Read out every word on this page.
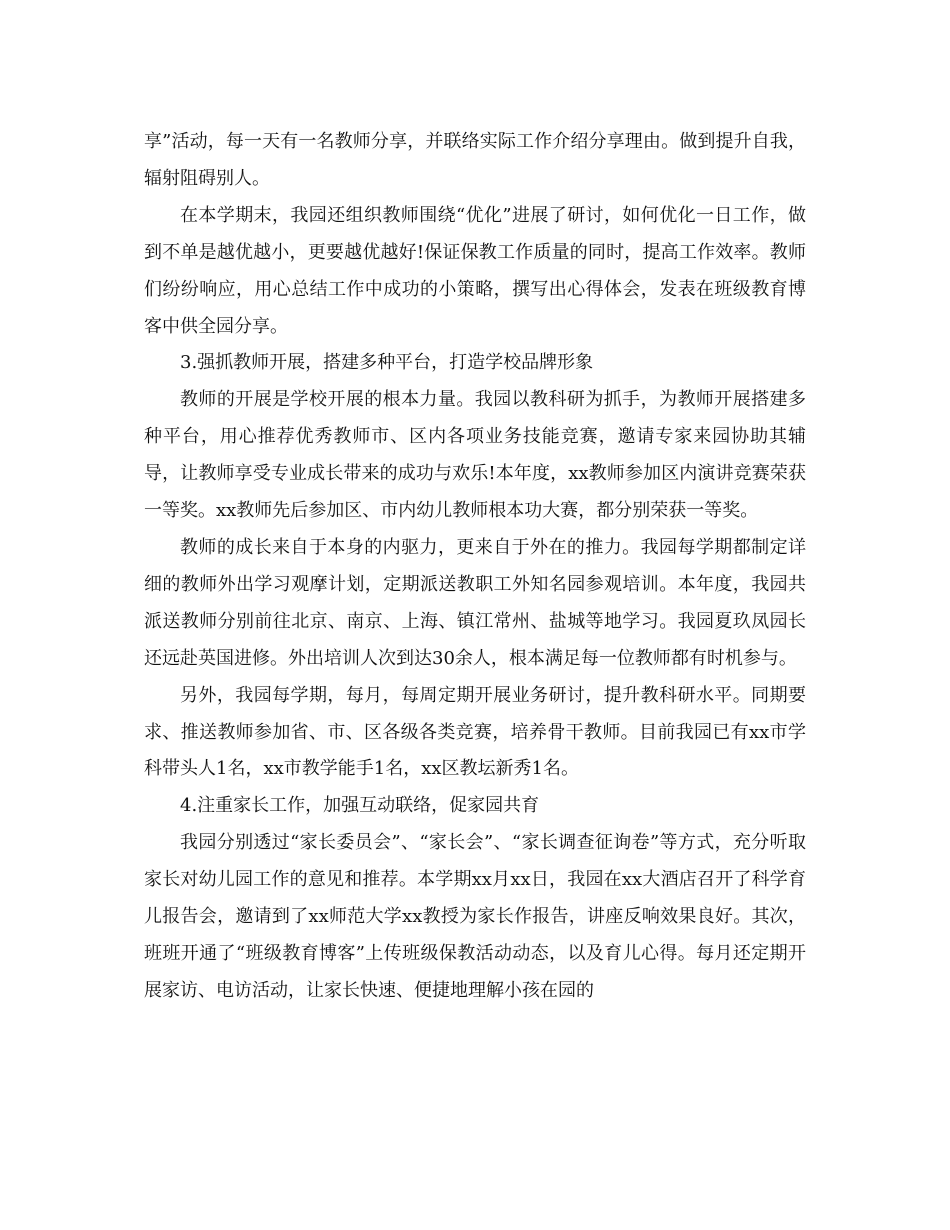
享”活动，每一天有一名教师分享，并联络实际工作介绍分享理由。做到提升自我，辐射阻碍别人。

在本学期末，我园还组织教师围绕“优化”进展了研讨，如何优化一日工作，做到不单是越优越小，更要越优越好!保证保教工作质量的同时，提高工作效率。教师们纷纷响应，用心总结工作中成功的小策略，撰写出心得体会，发表在班级教育博客中供全园分享。

3.强抓教师开展，搭建多种平台，打造学校品牌形象

教师的开展是学校开展的根本力量。我园以教科研为抓手，为教师开展搭建多种平台，用心推荐优秀教师市、区内各项业务技能竞赛，邀请专家来园协助其辅导，让教师享受专业成长带来的成功与欢乐!本年度，xx教师参加区内演讲竞赛荣获一等奖。xx教师先后参加区、市内幼儿教师根本功大赛，都分别荣获一等奖。

教师的成长来自于本身的内驱力，更来自于外在的推力。我园每学期都制定详细的教师外出学习观摩计划，定期派送教职工外知名园参观培训。本年度，我园共派送教师分别前往北京、南京、上海、镇江常州、盐城等地学习。我园夏玖凤园长还远赴英国进修。外出培训人次到达30余人，根本满足每一位教师都有时机参与。

另外，我园每学期，每月，每周定期开展业务研讨，提升教科研水平。同期要求、推送教师参加省、市、区各级各类竞赛，培养骨干教师。目前我园已有xx市学科带头人1名，xx市教学能手1名，xx区教坛新秀1名。

4.注重家长工作，加强互动联络，促家园共育

我园分别透过“家长委员会”、“家长会”、“家长调查征询卷”等方式，充分听取家长对幼儿园工作的意见和推荐。本学期xx月xx日，我园在xx大酒店召开了科学育儿报告会，邀请到了xx师范大学xx教授为家长作报告，讲座反响效果良好。其次，班班开通了“班级教育博客”上传班级保教活动动态，以及育儿心得。每月还定期开展家访、电访活动，让家长快速、便捷地理解小孩在园的
